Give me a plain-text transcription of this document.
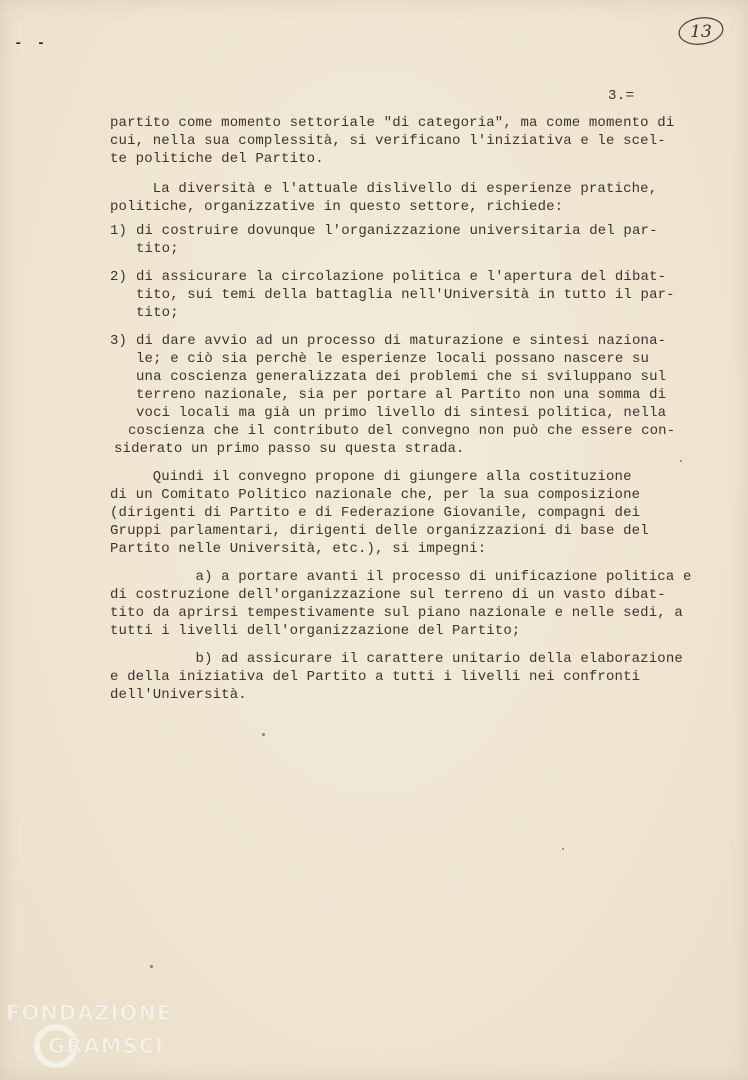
- -
13
3.=
partito come momento settoriale "di categoria", ma come momento di
cui, nella sua complessità, si verificano l'iniziativa e le scel-
te politiche del Partito.
La diversità e l'attuale dislivello di esperienze pratiche,
politiche, organizzative in questo settore, richiede:
1) di costruire dovunque l'organizzazione universitaria del par-
tito;
2) di assicurare la circolazione politica e l'apertura del dibat-
tito, sui temi della battaglia nell'Università in tutto il par-
tito;
3) di dare avvio ad un processo di maturazione e sintesi naziona-
le; e ciò sia perchè le esperienze locali possano nascere su
una coscienza generalizzata dei problemi che si sviluppano sul
terreno nazionale, sia per portare al Partito non una somma di
voci locali ma già un primo livello di sintesi politica, nella
coscienza che il contributo del convegno non può che essere con-
siderato un primo passo su questa strada.
Quindi il convegno propone di giungere alla costituzione
di un Comitato Politico nazionale che, per la sua composizione
(dirigenti di Partito e di Federazione Giovanile, compagni dei
Gruppi parlamentari, dirigenti delle organizzazioni di base del
Partito nelle Università, etc.), si impegni:
a) a portare avanti il processo di unificazione politica e
di costruzione dell'organizzazione sul terreno di un vasto dibat-
tito da aprirsi tempestivamente sul piano nazionale e nelle sedi, a
tutti i livelli dell'organizzazione del Partito;
b) ad assicurare il carattere unitario della elaborazione
e della iniziativa del Partito a tutti i livelli nei confronti
dell'Università.
FONDAZIONE
GRAMSCI
